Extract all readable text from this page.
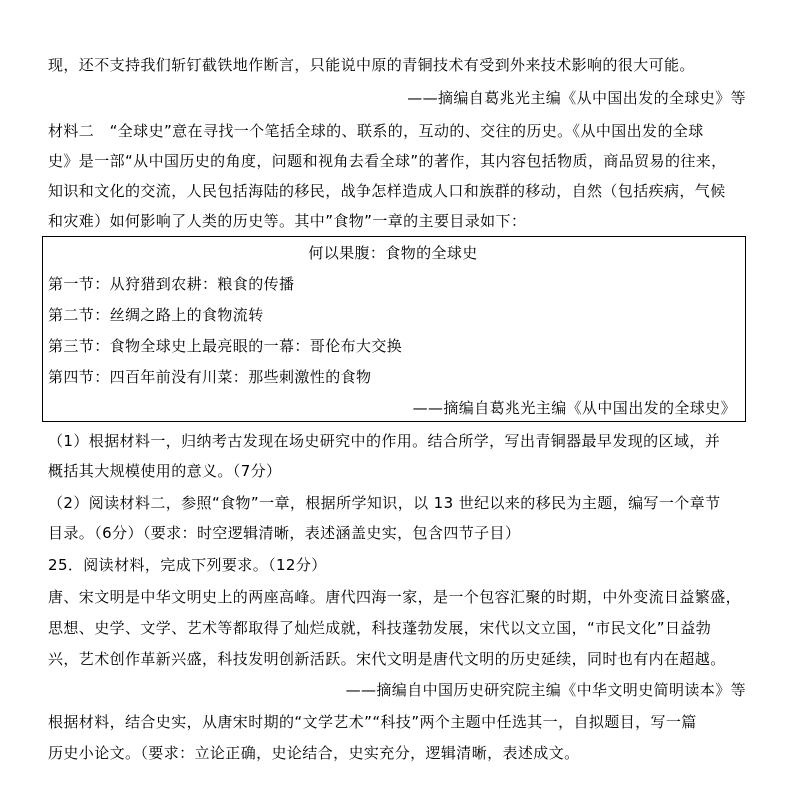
现，还不支持我们斩钉截铁地作断言，只能说中原的青铜技术有受到外来技术影响的很大可能。
——摘编自葛兆光主编《从中国出发的全球史》等
材料二　“全球史”意在寻找一个笔括全球的、联系的，互动的、交往的历史。《从中国出发的全球
史》是一部“从中国历史的角度，问题和视角去看全球”的著作，其内容包括物质，商品贸易的往来，
知识和文化的交流，人民包括海陆的移民，战争怎样造成人口和族群的移动，自然（包括疾病，气候
和灾难）如何影响了人类的历史等。其中”食物”一章的主要目录如下：
何以果腹：食物的全球史
第一节：从狩猎到农耕：粮食的传播
第二节：丝绸之路上的食物流转
第三节：食物全球史上最亮眼的一幕：哥伦布大交换
第四节：四百年前没有川菜：那些刺激性的食物
——摘编自葛兆光主编《从中国出发的全球史》
（1）根据材料一，归纳考古发现在场史研究中的作用。结合所学，写出青铜器最早发现的区域，并
概括其大规模使用的意义。（7分）
（2）阅读材料二，参照“食物”一章，根据所学知识，以 13 世纪以来的移民为主题，编写一个章节
目录。（6分）（要求：时空逻辑清晰，表述涵盖史实，包含四节子目）
25．阅读材料，完成下列要求。（12分）
唐、宋文明是中华文明史上的两座高峰。唐代四海一家，是一个包容汇聚的时期，中外变流日益繁盛，
思想、史学、文学、艺术等都取得了灿烂成就，科技蓬勃发展，宋代以文立国，“市民文化”日益勃
兴，艺术创作革新兴盛，科技发明创新活跃。宋代文明是唐代文明的历史延续，同时也有内在超越。
——摘编自中国历史研究院主编《中华文明史简明读本》等
根据材料，结合史实，从唐宋时期的“文学艺术”“科技”两个主题中任选其一，自拟题目，写一篇
历史小论文。（要求：立论正确，史论结合，史实充分，逻辑清晰，表述成文。
